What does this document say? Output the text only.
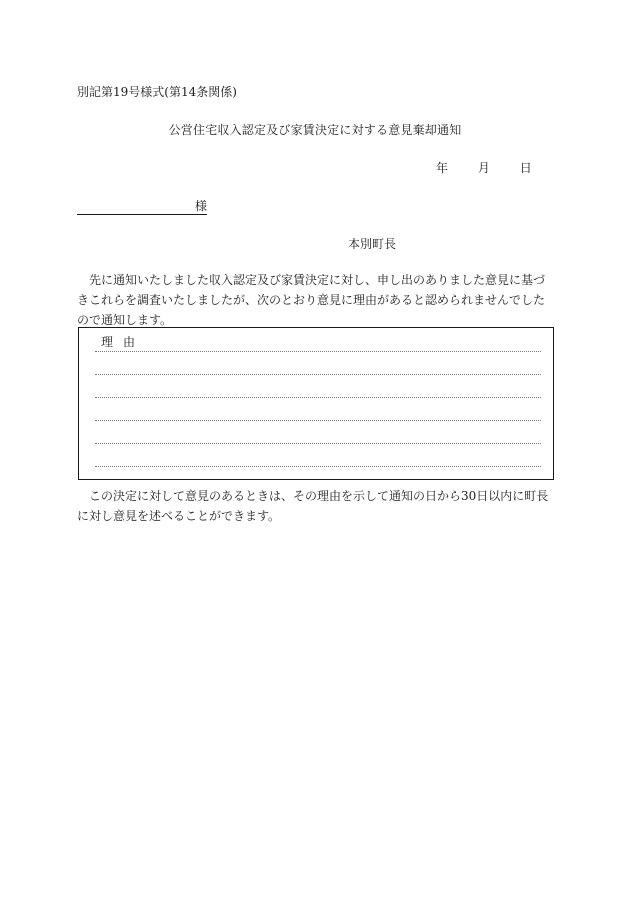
別記第19号様式(第14条関係)
公営住宅収入認定及び家賃決定に対する意見棄却通知
年 月 日
様
本別町長
　先に通知いたしました収入認定及び家賃決定に対し、申し出のありました意見に基づ
きこれらを調査いたしましたが、次のとおり意見に理由があると認められませんでした
ので通知します。
理由
　この決定に対して意見のあるときは、その理由を示して通知の日から30日以内に町長
に対し意見を述べることができます。
